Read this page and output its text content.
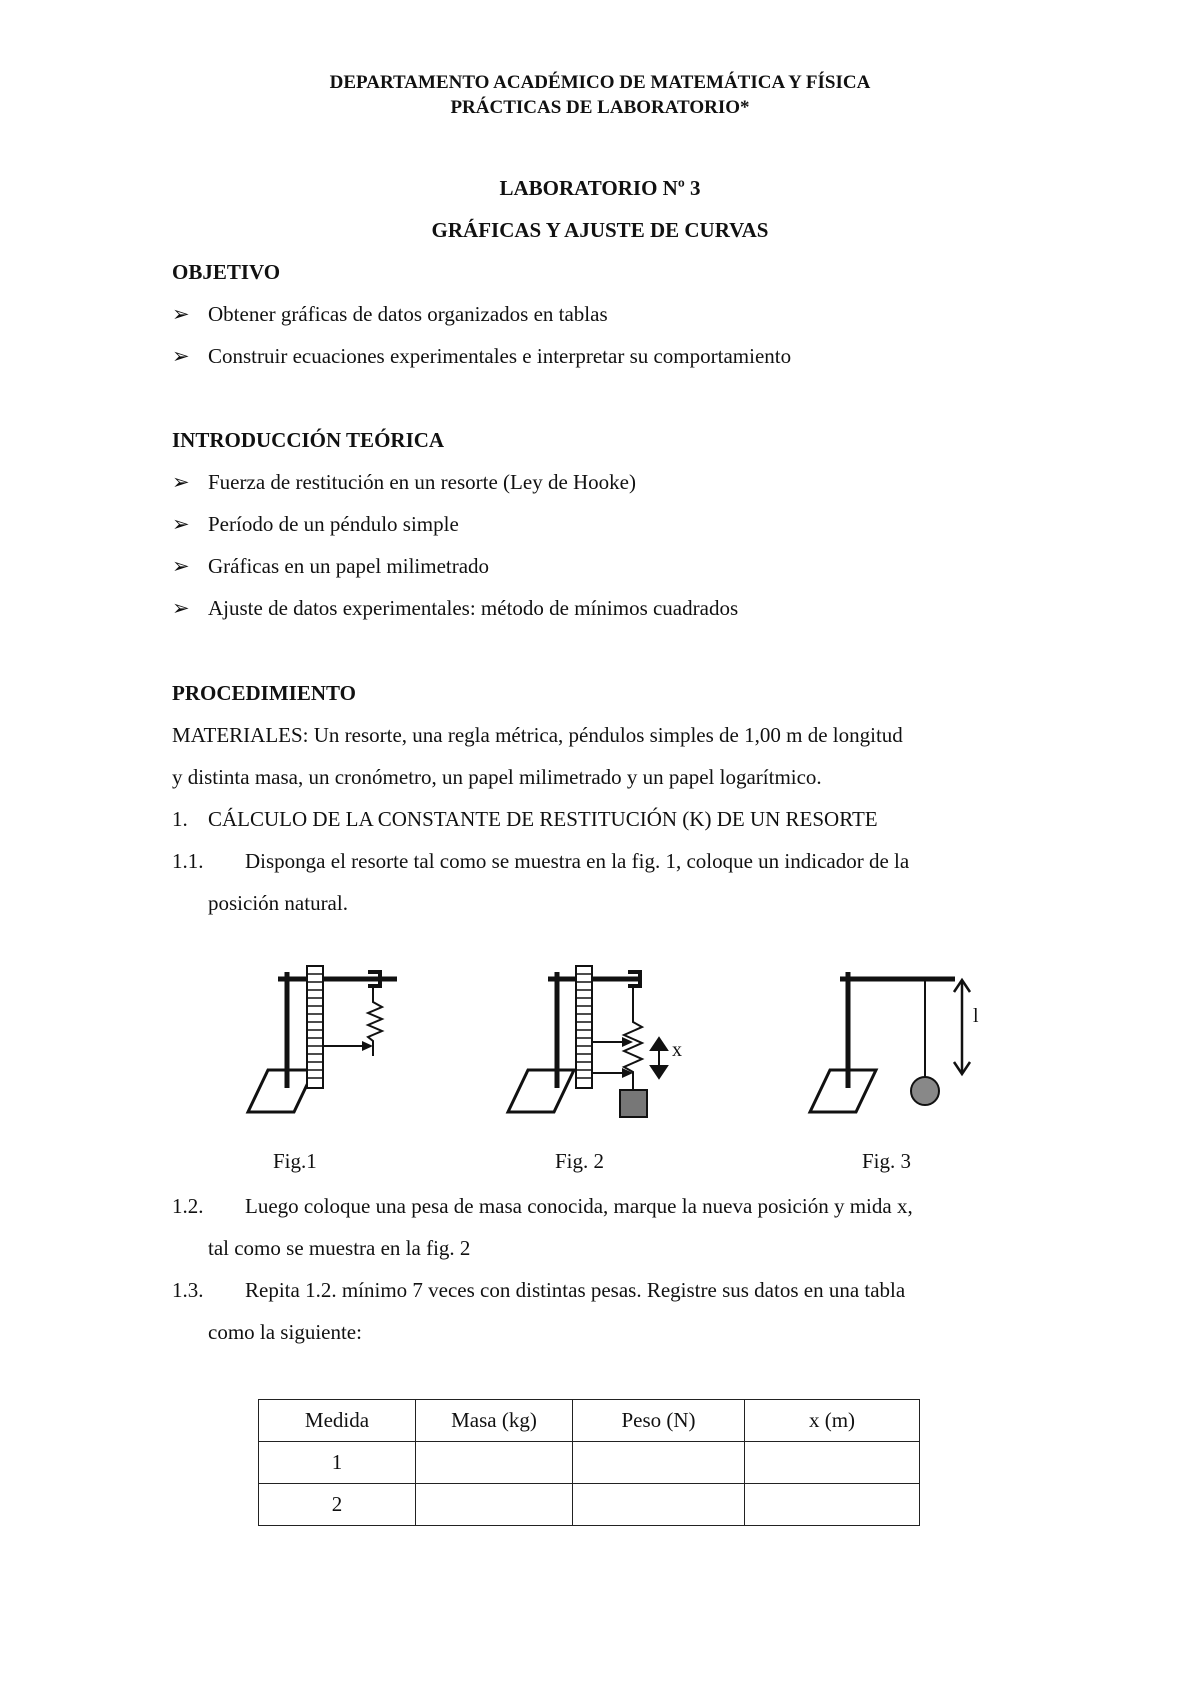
DEPARTAMENTO ACADÉMICO DE MATEMÁTICA Y FÍSICA
PRÁCTICAS DE LABORATORIO*
LABORATORIO Nº 3
GRÁFICAS Y AJUSTE DE CURVAS
OBJETIVO
➢ Obtener gráficas de datos organizados en tablas
➢ Construir ecuaciones experimentales e interpretar su comportamiento
INTRODUCCIÓN TEÓRICA
➢ Fuerza de restitución en un resorte (Ley de Hooke)
➢ Período de un péndulo simple
➢ Gráficas en un papel milimetrado
➢ Ajuste de datos experimentales: método de mínimos cuadrados
PROCEDIMIENTO
MATERIALES: Un resorte, una regla métrica, péndulos simples de 1,00 m de longitud
y distinta masa, un cronómetro, un papel milimetrado y un papel logarítmico.
1. CÁLCULO DE LA CONSTANTE DE RESTITUCIÓN (K) DE UN RESORTE
1.1. Disponga el resorte tal como se muestra en la fig. 1, coloque un indicador de la
posición natural.
x
l
Fig.1	Fig. 2	Fig. 3
1.2. Luego coloque una pesa de masa conocida, marque la nueva posición y mida x,
tal como se muestra en la fig. 2
1.3. Repita 1.2. mínimo 7 veces con distintas pesas. Registre sus datos en una tabla
como la siguiente:
Medida	Masa (kg)	Peso (N)	x (m)
1			
2			
